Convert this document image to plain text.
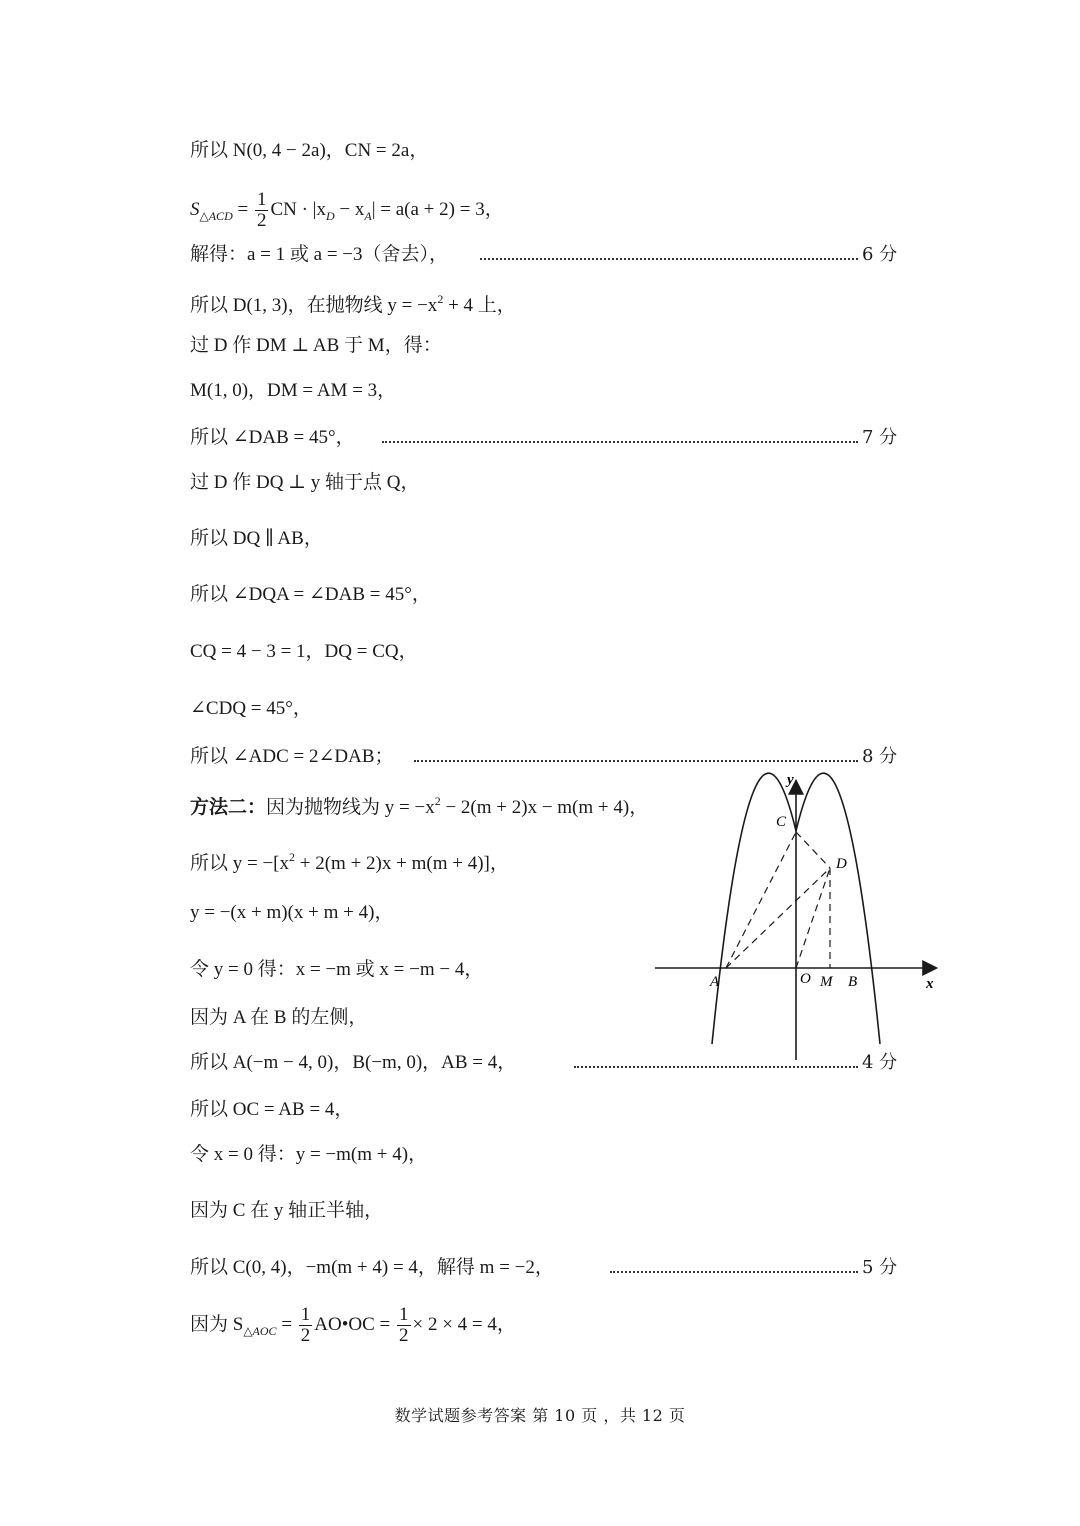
所以 N(0, 4 − 2a)，CN = 2a，
$S_{\triangle ACD} = \frac{1}{2}$ CN · $|x_D - x_A| = a(a + 2) = 3$，
解得：a = 1 或 a = −3（舍去），	6 分
所以 D(1, 3)，在抛物线 $y = -x^2 + 4$ 上，
过 D 作 DM ⊥ AB 于 M，得：
M(1, 0)，DM = AM = 3，
所以 ∠DAB = 45°，	7 分
过 D 作 DQ ⊥ y 轴于点 Q，
所以 DQ ∥ AB，
所以 ∠DQA = ∠DAB = 45°，
CQ = 4 − 3 = 1，DQ = CQ，
∠CDQ = 45°，
所以 ∠ADC = 2∠DAB；	8 分
方法二：因为抛物线为 $y = -x^2 - 2(m + 2)x - m(m + 4)$，
所以 $y = -[x^2 + 2(m + 2)x + m(m + 4)]$，
y = −(x + m)(x + m + 4)，
令 y = 0 得：x = −m 或 x = −m − 4，
因为 A 在 B 的左侧，
所以 A(−m − 4, 0)，B(−m, 0)，AB = 4，	4 分
所以 OC = AB = 4，
令 x = 0 得：y = −m(m + 4)，
因为 C 在 y 轴正半轴，
所以 C(0, 4)，−m(m + 4) = 4，解得 m = −2，	5 分
因为 $S_{\triangle AOC} = \frac{1}{2}$ AO•OC = $\frac{1}{2} \times 2 \times 4 = 4$，
y
x
C
D
A	O M B
数学试题参考答案 第 10 页 ，共 12 页
